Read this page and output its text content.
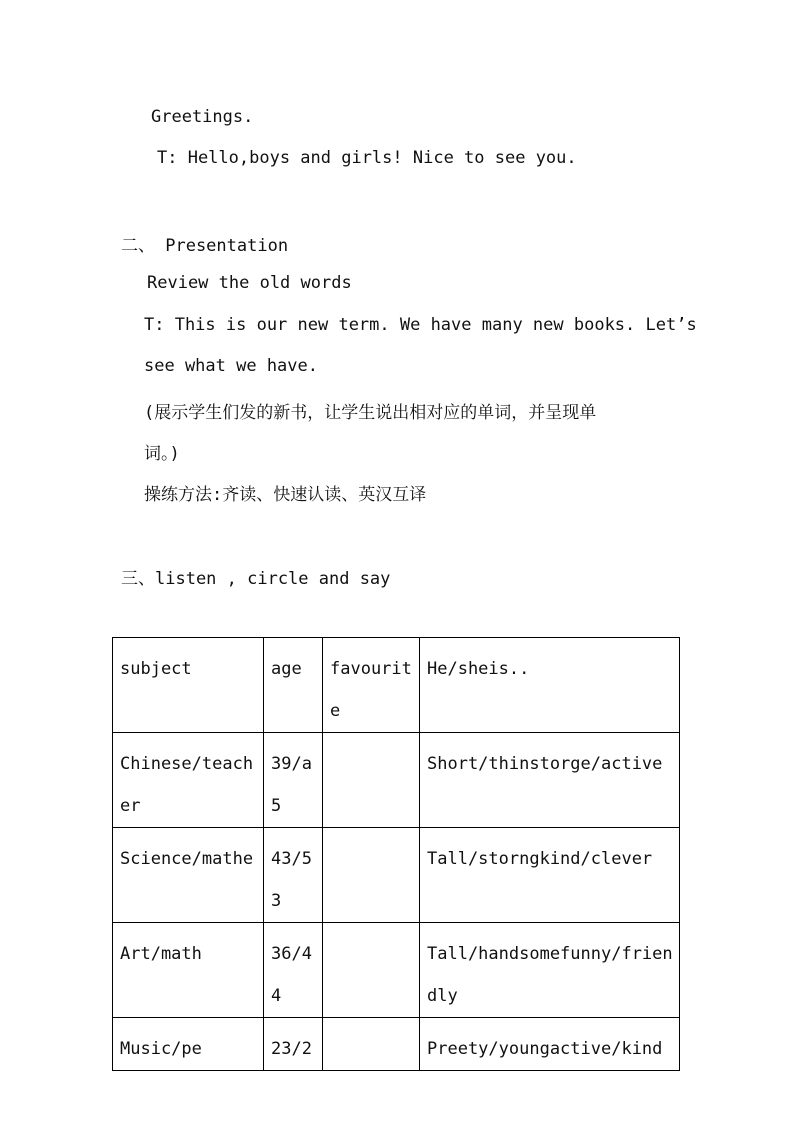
Greetings.
T: Hello,boys and girls! Nice to see you.
二、 Presentation
Review the old words
T: This is our new term. We have many new books. Let’s
see what we have.
(展示学生们发的新书，让学生说出相对应的单词，并呈现单
词。)
操练方法:齐读、快速认读、英汉互译
三、listen , circle and say
subject	age	favourite	He/sheis..
Chinese/teacher	39/a5		Short/thinstorge/active
Science/mathe	43/53		Tall/storngkind/clever
Art/math	36/44		Tall/handsomefunny/friendly
Music/pe	23/2		Preety/youngactive/kind
